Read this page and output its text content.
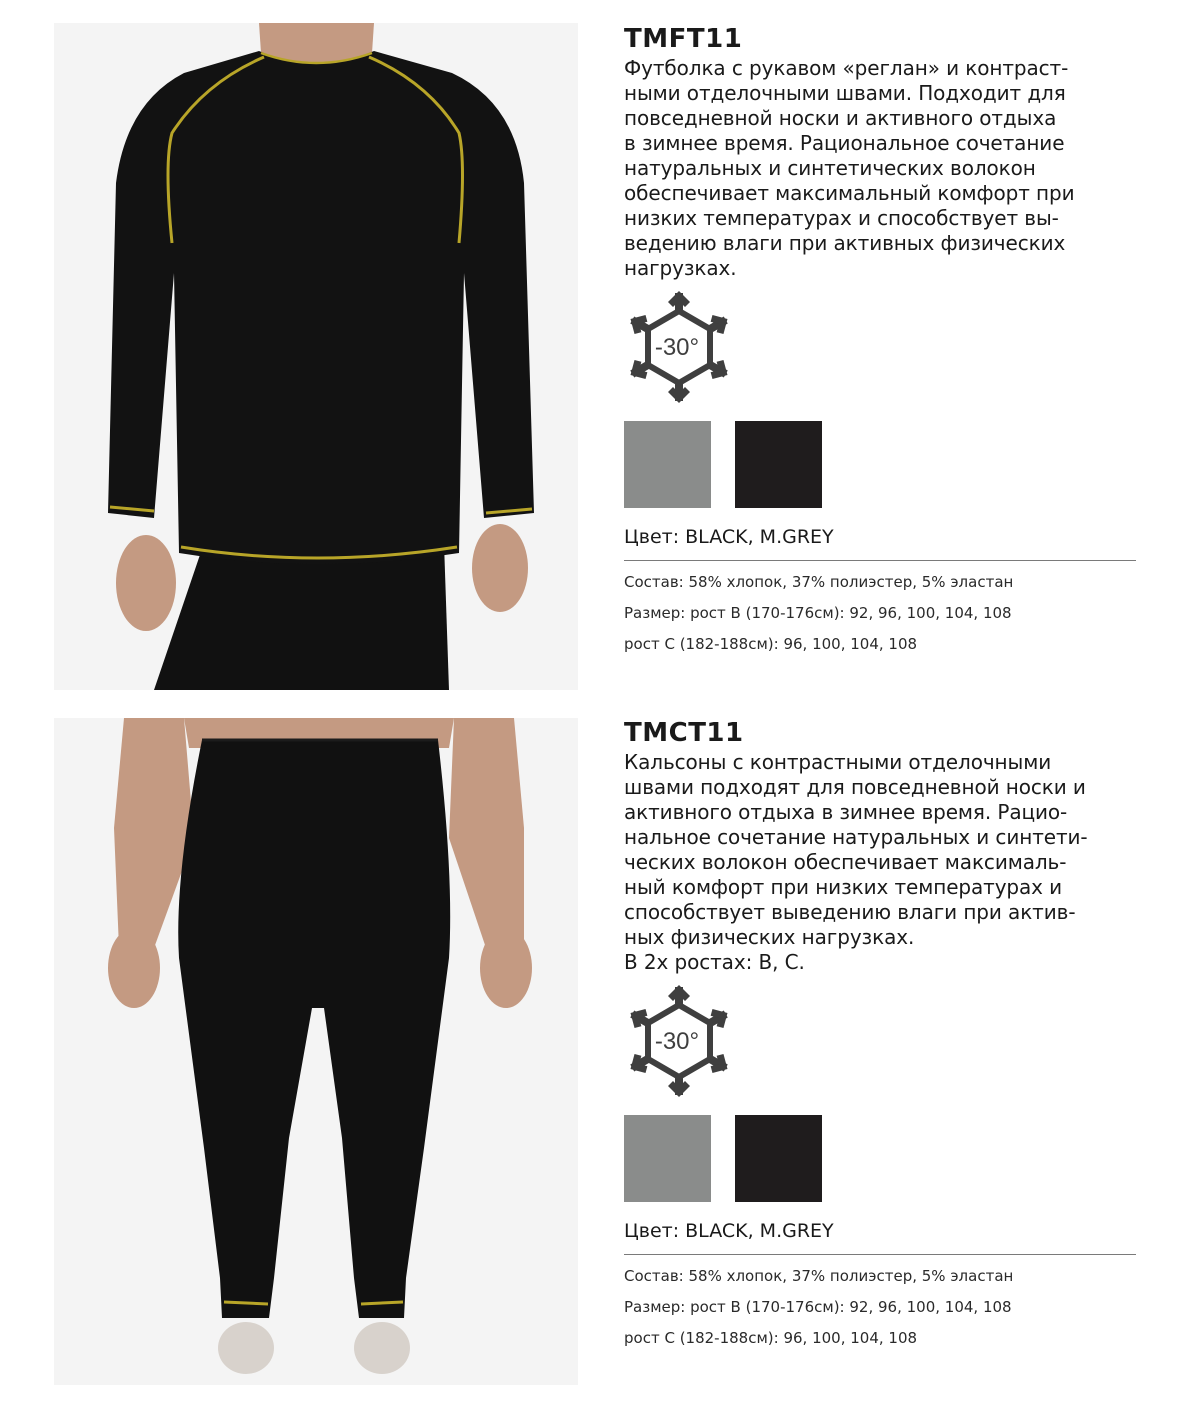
TMFT11

Футболка с рукавом «реглан» и контраст-
ными отделочными швами. Подходит для
повседневной носки и активного отдыха
в зимнее время. Рациональное сочетание
натуральных и синтетических волокон
обеспечивает максимальный комфорт при
низких температурах и способствует вы-
ведению влаги при активных физических
нагрузках.

-30°
Цвет: BLACK, M.GREY
Состав: 58% хлопок, 37% полиэстер, 5% эластан
Размер: рост В (170-176см): 92, 96, 100, 104, 108
рост С (182-188см): 96, 100, 104, 108
TMCT11

Кальсоны с контрастными отделочными
швами подходят для повседневной носки и
активного отдыха в зимнее время. Рацио-
нальное сочетание натуральных и синтети-
ческих волокон обеспечивает максималь-
ный комфорт при низких температурах и
способствует выведению влаги при актив-
ных физических нагрузках.
В 2х ростах: В, С.

-30°
Цвет: BLACK, M.GREY
Состав: 58% хлопок, 37% полиэстер, 5% эластан
Размер: рост В (170-176см): 92, 96, 100, 104, 108
рост С (182-188см): 96, 100, 104, 108
